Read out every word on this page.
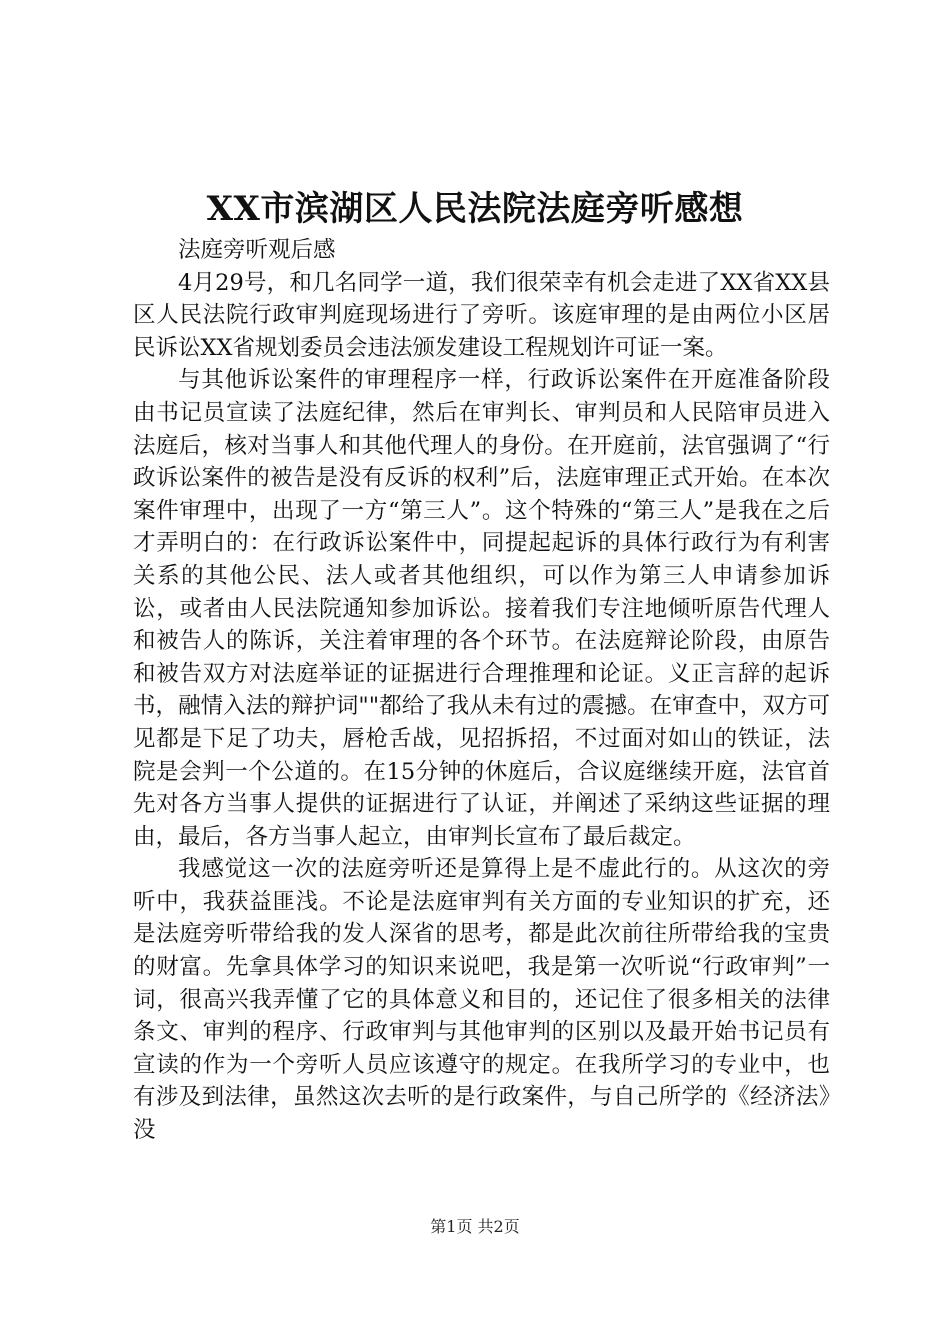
XX市滨湖区人民法院法庭旁听感想

法庭旁听观后感

4月29号，和几名同学一道，我们很荣幸有机会走进了XX省XX县区人民法院行政审判庭现场进行了旁听。该庭审理的是由两位小区居民诉讼XX省规划委员会违法颁发建设工程规划许可证一案。

与其他诉讼案件的审理程序一样，行政诉讼案件在开庭准备阶段由书记员宣读了法庭纪律，然后在审判长、审判员和人民陪审员进入法庭后，核对当事人和其他代理人的身份。在开庭前，法官强调了“行政诉讼案件的被告是没有反诉的权利”后，法庭审理正式开始。在本次案件审理中，出现了一方“第三人”。这个特殊的“第三人”是我在之后才弄明白的：在行政诉讼案件中，同提起起诉的具体行政行为有利害关系的其他公民、法人或者其他组织，可以作为第三人申请参加诉讼，或者由人民法院通知参加诉讼。接着我们专注地倾听原告代理人和被告人的陈诉，关注着审理的各个环节。在法庭辩论阶段，由原告和被告双方对法庭举证的证据进行合理推理和论证。义正言辞的起诉书，融情入法的辩护词""都给了我从未有过的震撼。在审查中，双方可见都是下足了功夫，唇枪舌战，见招拆招，不过面对如山的铁证，法院是会判一个公道的。在15分钟的休庭后，合议庭继续开庭，法官首先对各方当事人提供的证据进行了认证，并阐述了采纳这些证据的理由，最后，各方当事人起立，由审判长宣布了最后裁定。

我感觉这一次的法庭旁听还是算得上是不虚此行的。从这次的旁听中，我获益匪浅。不论是法庭审判有关方面的专业知识的扩充，还是法庭旁听带给我的发人深省的思考，都是此次前往所带给我的宝贵的财富。先拿具体学习的知识来说吧，我是第一次听说“行政审判”一词，很高兴我弄懂了它的具体意义和目的，还记住了很多相关的法律条文、审判的程序、行政审判与其他审判的区别以及最开始书记员有宣读的作为一个旁听人员应该遵守的规定。在我所学习的专业中，也有涉及到法律，虽然这次去听的是行政案件，与自己所学的《经济法》没

第1页 共2页
